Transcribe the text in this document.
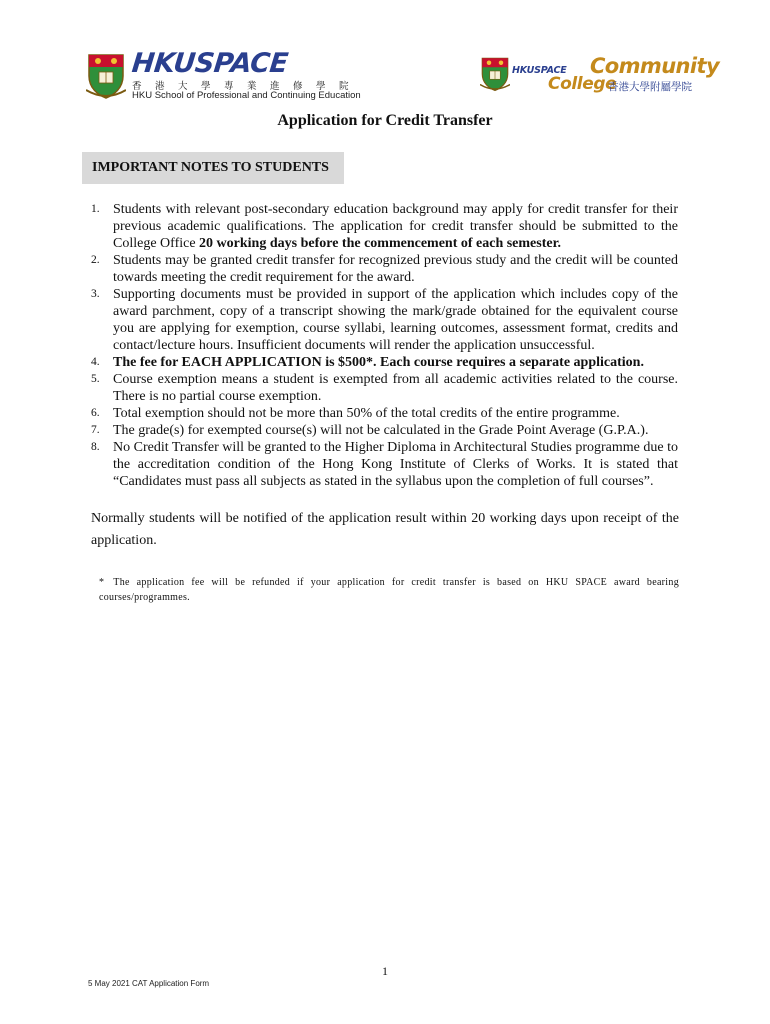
HKUSPACE
香港大學專業進修學院
HKU School of Professional and Continuing Education
HKUSPACE Community
College
香港大學附屬學院
Application for Credit Transfer
IMPORTANT NOTES TO STUDENTS
1. Students with relevant post-secondary education background may apply for credit transfer for their previous academic qualifications. The application for credit transfer should be submitted to the College Office 20 working days before the commencement of each semester.
2. Students may be granted credit transfer for recognized previous study and the credit will be counted towards meeting the credit requirement for the award.
3. Supporting documents must be provided in support of the application which includes copy of the award parchment, copy of a transcript showing the mark/grade obtained for the equivalent course you are applying for exemption, course syllabi, learning outcomes, assessment format, credits and contact/lecture hours. Insufficient documents will render the application unsuccessful.
4. The fee for EACH APPLICATION is $500*. Each course requires a separate application.
5. Course exemption means a student is exempted from all academic activities related to the course. There is no partial course exemption.
6. Total exemption should not be more than 50% of the total credits of the entire programme.
7. The grade(s) for exempted course(s) will not be calculated in the Grade Point Average (G.P.A.).
8. No Credit Transfer will be granted to the Higher Diploma in Architectural Studies programme due to the accreditation condition of the Hong Kong Institute of Clerks of Works. It is stated that “Candidates must pass all subjects as stated in the syllabus upon the completion of full courses”.
Normally students will be notified of the application result within 20 working days upon receipt of the application.
* The application fee will be refunded if your application for credit transfer is based on HKU SPACE award bearing courses/programmes.
1
5 May 2021 CAT Application Form
